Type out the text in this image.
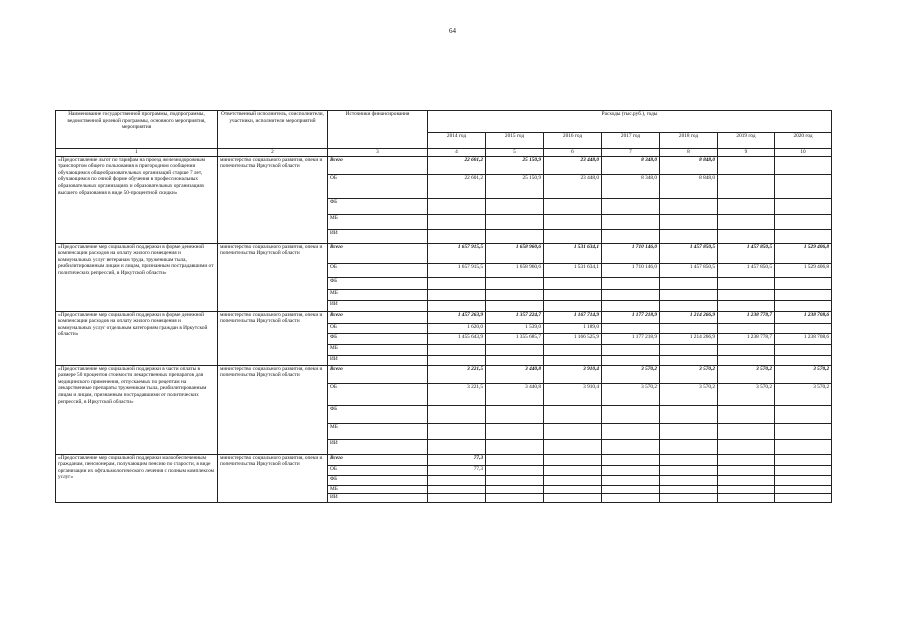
64
Наименование государственной программы, подпрограммы, ведомственной целевой программы, основного мероприятия, мероприятия	Ответственный исполнитель, соисполнители, участники, исполнители мероприятий	Источники финансирования	Расходы (тыс.руб.), годы						
			2014 год	2015 год	2016 год	2017 год	2018 год	2019 год	2020 год
1	2	3	4	5	6	7	8	9	10
«Предоставление льгот по тарифам на проезд железнодорожным транспортом общего пользования в пригородном сообщении обучающимся общеобразовательных организаций старше 7 лет, обучающимся по очной форме обучения в профессиональных образовательных организациях и образовательных организациях высшего образования в виде 50-процентной скидки»	министерство социального развития, опеки и попечительства Иркутской области	Всего	22 601,2	25 150,9	23 448,0	8 348,0	8 848,0		
		ОБ	22 601,2	25 150,9	23 448,0	8 348,0	8 848,0		
		ФБ							
		МБ							
		ИИ							
«Предоставление мер социальной поддержки в форме денежной компенсации расходов на оплату жилого помещения и коммунальных услуг ветеранам труда, труженикам тыла, реабилитированным лицам и лицам, признанным пострадавшими от политических репрессий, в Иркутской области»	министерство социального развития, опеки и попечительства Иркутской области	Всего	1 657 915,5	1 658 960,6	1 531 634,1	1 710 146,0	1 457 850,5	1 457 850,5	1 529 406,8
		ОБ	1 657 915,5	1 658 960,6	1 531 634,1	1 710 146,0	1 457 850,5	1 457 850,5	1 529 406,8
		ФБ							
		МБ							
		ИИ							
«Предоставление мер социальной поддержки в форме денежной компенсации расходов на оплату жилого помещения и коммунальных услуг отдельным категориям граждан в Иркутской области»	министерство социального развития, опеки и попечительства Иркутской области	Всего	1 457 263,9	1 357 224,7	1 167 714,9	1 177 218,9	1 214 266,9	1 238 778,7	1 238 708,6
		ОБ	1 620,0	1 539,0	1 189,0				
		ФБ	1 455 643,9	1 355 685,7	1 166 525,9	1 177 218,9	1 214 266,9	1 238 778,7	1 238 708,6
		МБ							
		ИИ							
«Предоставление мер социальной поддержки в части оплаты в размере 50 процентов стоимости лекарственных препаратов для медицинского применения, отпускаемых по рецептам на лекарственные препараты труженикам тыла, реабилитированным лицам и лицам, признанным пострадавшими от политических репрессий, в Иркутской области»	министерство социального развития, опеки и попечительства Иркутской области	Всего	3 221,5	3 440,8	3 910,4	3 570,2	3 570,2	3 570,2	3 570,2
		ОБ	3 221,5	3 440,8	3 910,4	3 570,2	3 570,2	3 570,2	3 570,2
		ФБ							
		МБ							
		ИИ							
«Предоставление мер социальной поддержки малообеспеченным гражданам, пенсионерам, получающим пенсию по старости, в виде организации их офтальмологического лечения с полным комплексом услуг»	министерство социального развития, опеки и попечительства Иркутской области	Всего	77,3						
		ОБ	77,3						
		ФБ							
		МБ							
		ИИ							
